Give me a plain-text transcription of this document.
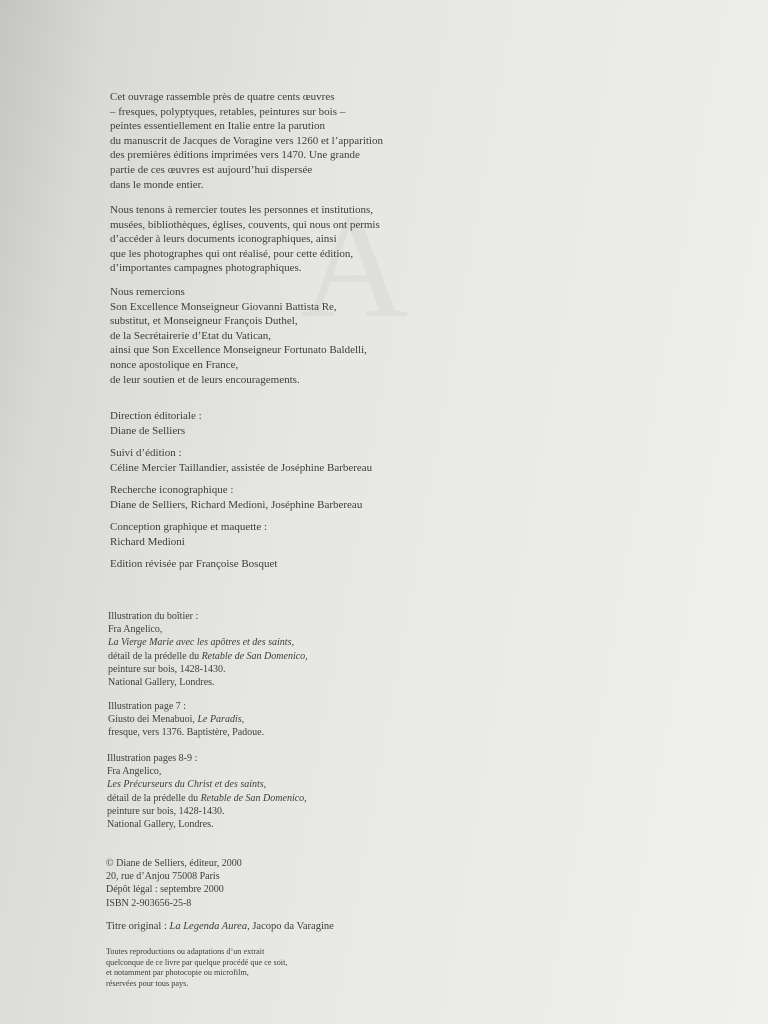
Cet ouvrage rassemble près de quatre cents œuvres
– fresques, polyptyques, retables, peintures sur bois –
peintes essentiellement en Italie entre la parution
du manuscrit de Jacques de Voragine vers 1260 et l’apparition
des premières éditions imprimées vers 1470. Une grande
partie de ces œuvres est aujourd’hui dispersée
dans le monde entier.

Nous tenons à remercier toutes les personnes et institutions,
musées, bibliothèques, églises, couvents, qui nous ont permis
d’accéder à leurs documents iconographiques, ainsi
que les photographes qui ont réalisé, pour cette édition,
d’importantes campagnes photographiques.

Nous remercions
Son Excellence Monseigneur Giovanni Battista Re,
substitut, et Monseigneur François Duthel,
de la Secrétairerie d’Etat du Vatican,
ainsi que Son Excellence Monseigneur Fortunato Baldelli,
nonce apostolique en France,
de leur soutien et de leurs encouragements.

Direction éditoriale :
Diane de Selliers

Suivi d’édition :
Céline Mercier Taillandier, assistée de Joséphine Barbereau

Recherche iconographique :
Diane de Selliers, Richard Medioni, Joséphine Barbereau

Conception graphique et maquette :
Richard Medioni

Edition révisée par Françoise Bosquet

Illustration du boîtier :
Fra Angelico,
La Vierge Marie avec les apôtres et des saints,
détail de la prédelle du Retable de San Domenico,
peinture sur bois, 1428-1430.
National Gallery, Londres.

Illustration page 7 :
Giusto dei Menabuoi, Le Paradis,
fresque, vers 1376. Baptistère, Padoue.

Illustration pages 8-9 :
Fra Angelico,
Les Précurseurs du Christ et des saints,
détail de la prédelle du Retable de San Domenico,
peinture sur bois, 1428-1430.
National Gallery, Londres.

© Diane de Selliers, éditeur, 2000
20, rue d’Anjou 75008 Paris
Dépôt légal : septembre 2000
ISBN 2-903656-25-8

Titre original : La Legenda Aurea, Jacopo da Varagine

Toutes reproductions ou adaptations d’un extrait
quelconque de ce livre par quelque procédé que ce soit,
et notamment par photocopie ou microfilm,
réservées pour tous pays.
